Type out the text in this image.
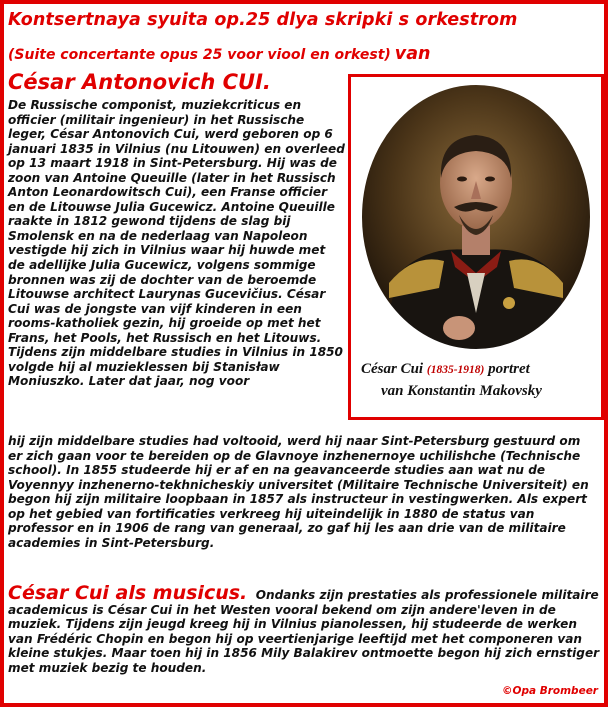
Kontsertnaya syuita op.25 dlya skripki s orkestrom
(Suite concertante opus 25 voor viool en orkest) van
César Antonovich CUI.

De Russische componist, muziekcriticus en officier (militair ingenieur) in het Russische leger, César Antonovich Cui, werd geboren op 6 januari 1835 in Vilnius (nu Litouwen) en overleed op 13 maart 1918 in Sint-Petersburg. Hij was de zoon van Antoine Queuille (later in het Russisch Anton Leonardowitsch Cui), een Franse officier en de Litouwse Julia Gucewicz. Antoine Queuille raakte in 1812 gewond tijdens de slag bij Smolensk en na de nederlaag van Napoleon vestigde hij zich in Vilnius waar hij huwde met de adellijke Julia Gucewicz, volgens sommige bronnen was zij de dochter van de beroemde Litouwse architect Laurynas Gucevičius. César Cui was de jongste van vijf kinderen in een rooms-katholiek gezin, hij groeide op met het Frans, het Pools, het Russisch en het Litouws. Tijdens zijn middelbare studies in Vilnius in 1850 volgde hij al muzieklessen bij Stanisław Moniuszko. Later dat jaar, nog voor

César Cui (1835-1918) portret
van Konstantin Makovsky

hij zijn middelbare studies had voltooid, werd hij naar Sint-Petersburg gestuurd om er zich gaan voor te bereiden op de Glavnoye inzhenernoye uchilishche (Technische school). In 1855 studeerde hij er af en na geavanceerde studies aan wat nu de Voyennyy inzhenerno-tekhnicheskiy universitet (Militaire Technische Universiteit) en begon hij zijn militaire loopbaan in 1857 als instructeur in vestingwerken. Als expert op het gebied van fortificaties verkreeg hij uiteindelijk in 1880 de status van professor en in 1906 de rang van generaal, zo gaf hij les aan drie van de militaire academies in Sint-Petersburg.

César Cui als musicus. Ondanks zijn prestaties als professionele militaire academicus is César Cui in het Westen vooral bekend om zijn andere'leven in de muziek. Tijdens zijn jeugd kreeg hij in Vilnius pianolessen, hij studeerde de werken van Frédéric Chopin en begon hij op veertienjarige leeftijd met het componeren van kleine stukjes. Maar toen hij in 1856 Mily Balakirev ontmoette begon hij zich ernstiger met muziek bezig te houden.

©Opa Brombeer
